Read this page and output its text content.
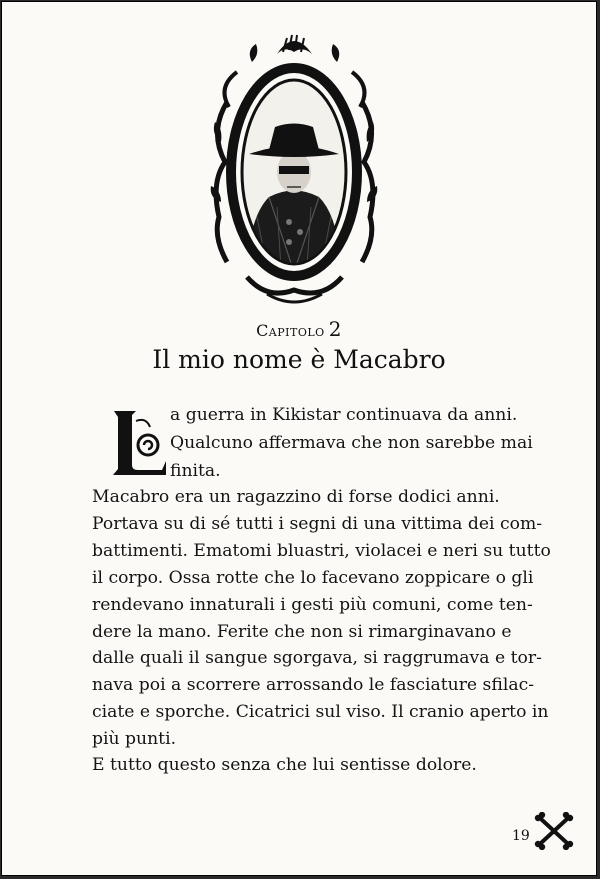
Capitolo 2
Il mio nome è Macabro
a guerra in Kikistar continuava da anni.
Qualcuno affermava che non sarebbe mai
finita.
Macabro era un ragazzino di forse dodici anni.
Portava su di sé tutti i segni di una vittima dei com-
battimenti. Ematomi bluastri, violacei e neri su tutto
il corpo. Ossa rotte che lo facevano zoppicare o gli
rendevano innaturali i gesti più comuni, come ten-
dere la mano. Ferite che non si rimarginavano e
dalle quali il sangue sgorgava, si raggrumava e tor-
nava poi a scorrere arrossando le fasciature sfilac-
ciate e sporche. Cicatrici sul viso. Il cranio aperto in
più punti.
E tutto questo senza che lui sentisse dolore.
19
